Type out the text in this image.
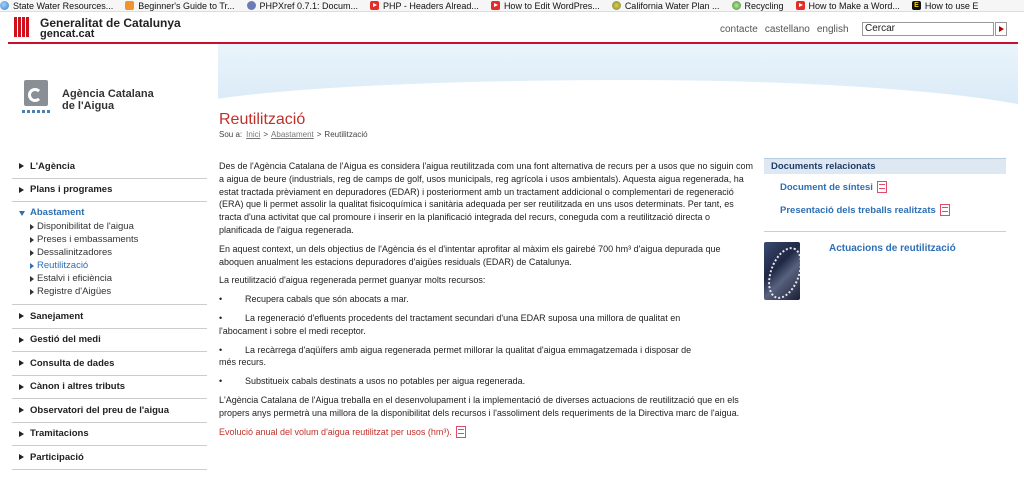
State Water Resources...	Beginner's Guide to Tr...	PHPXref 0.7.1: Docum...	PHP - Headers Alread...	How to Edit WordPres...	California Water Plan ...	Recycling	How to Make a Word...	E How to use E
Generalitat de Catalunya
gencat.cat	contacte castellano english	Cercar
Agència Catalana
de l'Aigua
Reutilització
Sou a: Inici > Abastament > Reutilització
L'Agència
Plans i programes
Abastament
Disponibilitat de l'aigua
Preses i embassaments
Dessalinitzadores
Reutilització
Estalvi i eficiència
Registre d'Aigües
Sanejament
Gestió del medi
Consulta de dades
Cànon i altres tributs
Observatori del preu de l'aigua
Tramitacions
Participació

Des de l'Agència Catalana de l'Aigua es considera l'aigua reutilitzada com una font alternativa de recurs per a usos que no siguin com a aigua de beure (industrials, reg de camps de golf, usos municipals, reg agrícola i usos ambientals). Aquesta aigua regenerada, ha estat tractada prèviament en depuradores (EDAR) i posteriorment amb un tractament addicional o complementari de regeneració (ERA) que li permet assolir la qualitat fisicoquímica i sanitària adequada per ser reutilitzada en uns usos determinats. Per tant, es tracta d'una activitat que cal promoure i inserir en la planificació integrada del recurs, coneguda com a reutilització directa o planificada de l'aigua regenerada.

En aquest context, un dels objectius de l'Agència és el d'intentar aprofitar al màxim els gairebé 700 hm³ d'aigua depurada que aboquen anualment les estacions depuradores d'aigües residuals (EDAR) de Catalunya.

La reutilització d'aigua regenerada permet guanyar molts recursos:

• Recupera cabals que són abocats a mar.
• La regeneració d'efluents procedents del tractament secundari d'una EDAR suposa una millora de qualitat en
l'abocament i sobre el medi receptor.
• La recàrrega d'aqüífers amb aigua regenerada permet millorar la qualitat d'aigua emmagatzemada i disposar de
més recurs.
• Substitueix cabals destinats a usos no potables per aigua regenerada.

L'Agència Catalana de l'Aigua treballa en el desenvolupament i la implementació de diverses actuacions de reutilització que en els propers anys permetrà una millora de la disponibilitat dels recursos i l'assoliment dels requeriments de la Directiva marc de l'aigua.

Evolució anual del volum d'aigua reutilitzat per usos (hm³).

Documents relacionats
Document de síntesi
Presentació dels treballs realitzats
Actuacions de reutilització
